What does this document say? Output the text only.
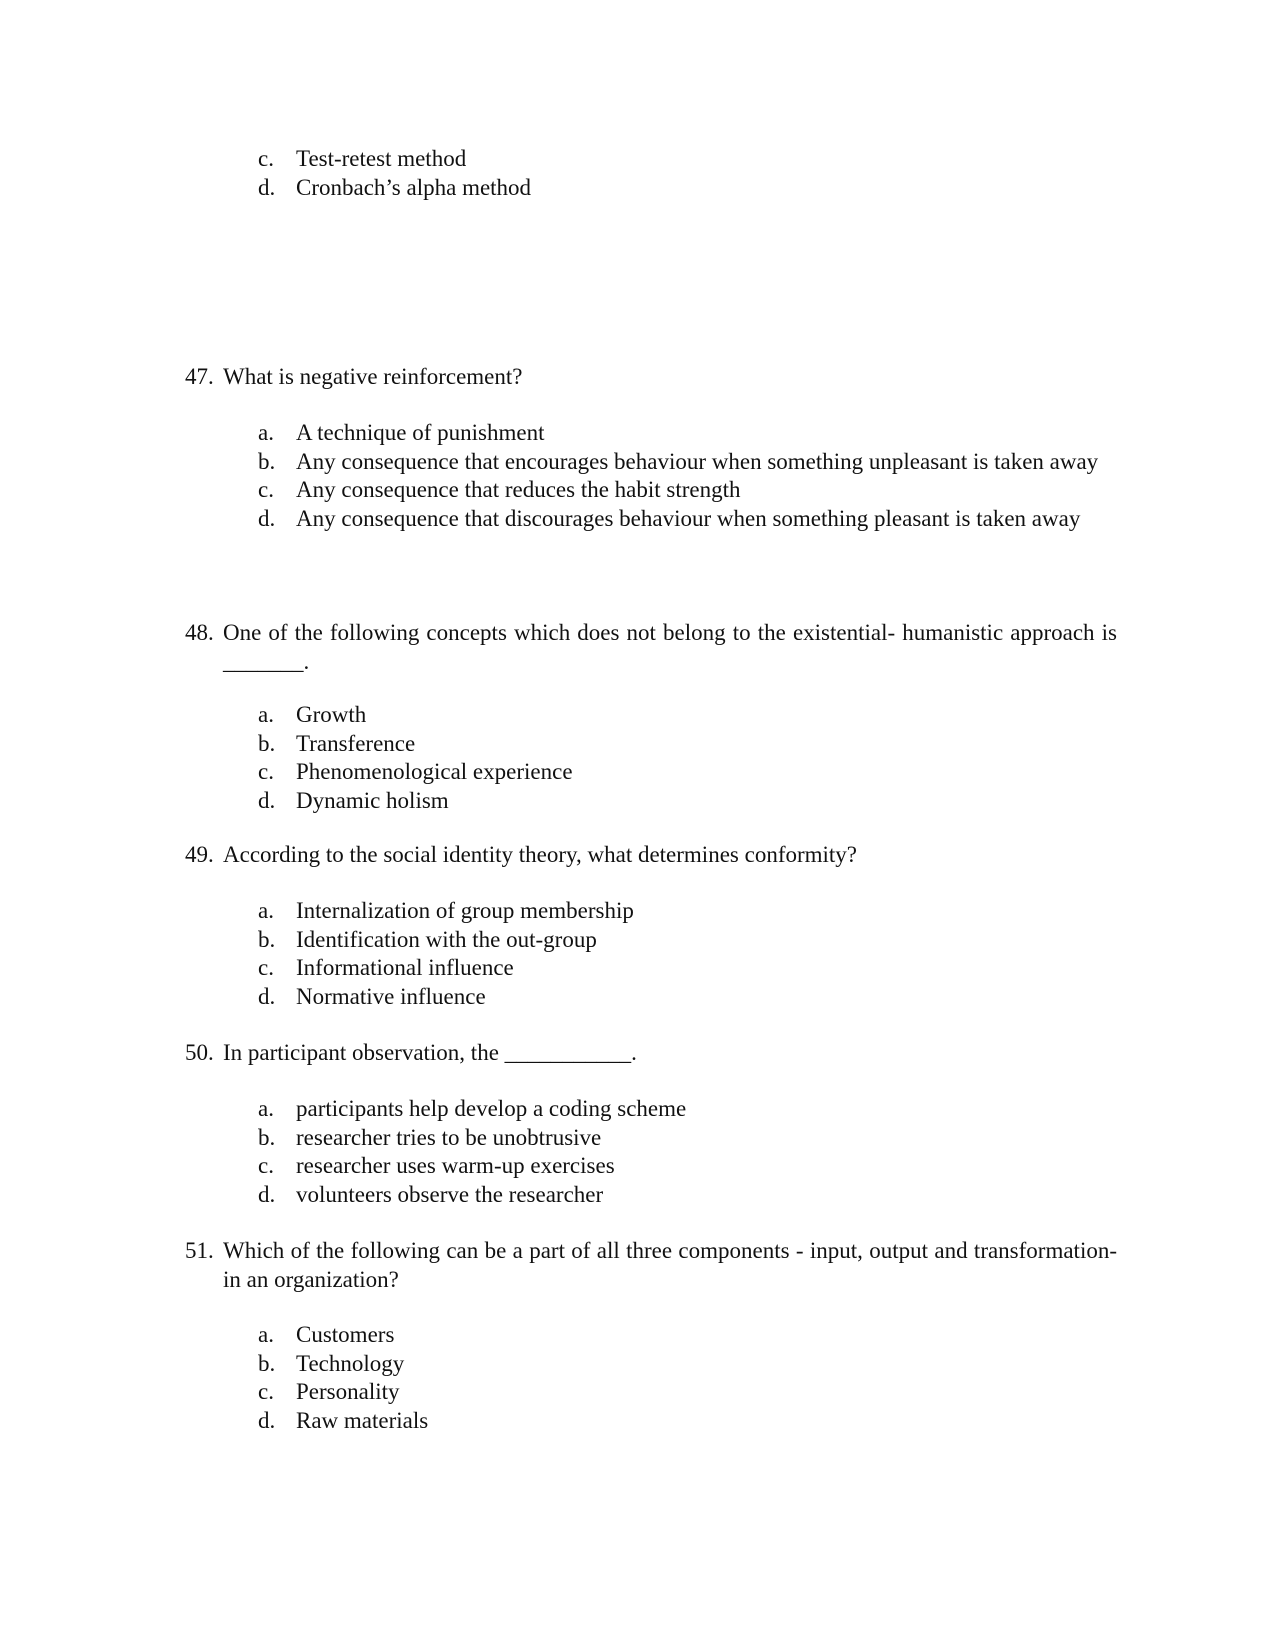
c. Test-retest method
d. Cronbach’s alpha method
47. What is negative reinforcement?
a. A technique of punishment
b. Any consequence that encourages behaviour when something unpleasant is taken away
c. Any consequence that reduces the habit strength
d. Any consequence that discourages behaviour when something pleasant is taken away
48. One of the following concepts which does not belong to the existential- humanistic approach is _______.
a. Growth
b. Transference
c. Phenomenological experience
d. Dynamic holism
49. According to the social identity theory, what determines conformity?
a. Internalization of group membership
b. Identification with the out-group
c. Informational influence
d. Normative influence
50. In participant observation, the ___________.
a. participants help develop a coding scheme
b. researcher tries to be unobtrusive
c. researcher uses warm-up exercises
d. volunteers observe the researcher
51. Which of the following can be a part of all three components - input, output and transformation- in an organization?
a. Customers
b. Technology
c. Personality
d. Raw materials
